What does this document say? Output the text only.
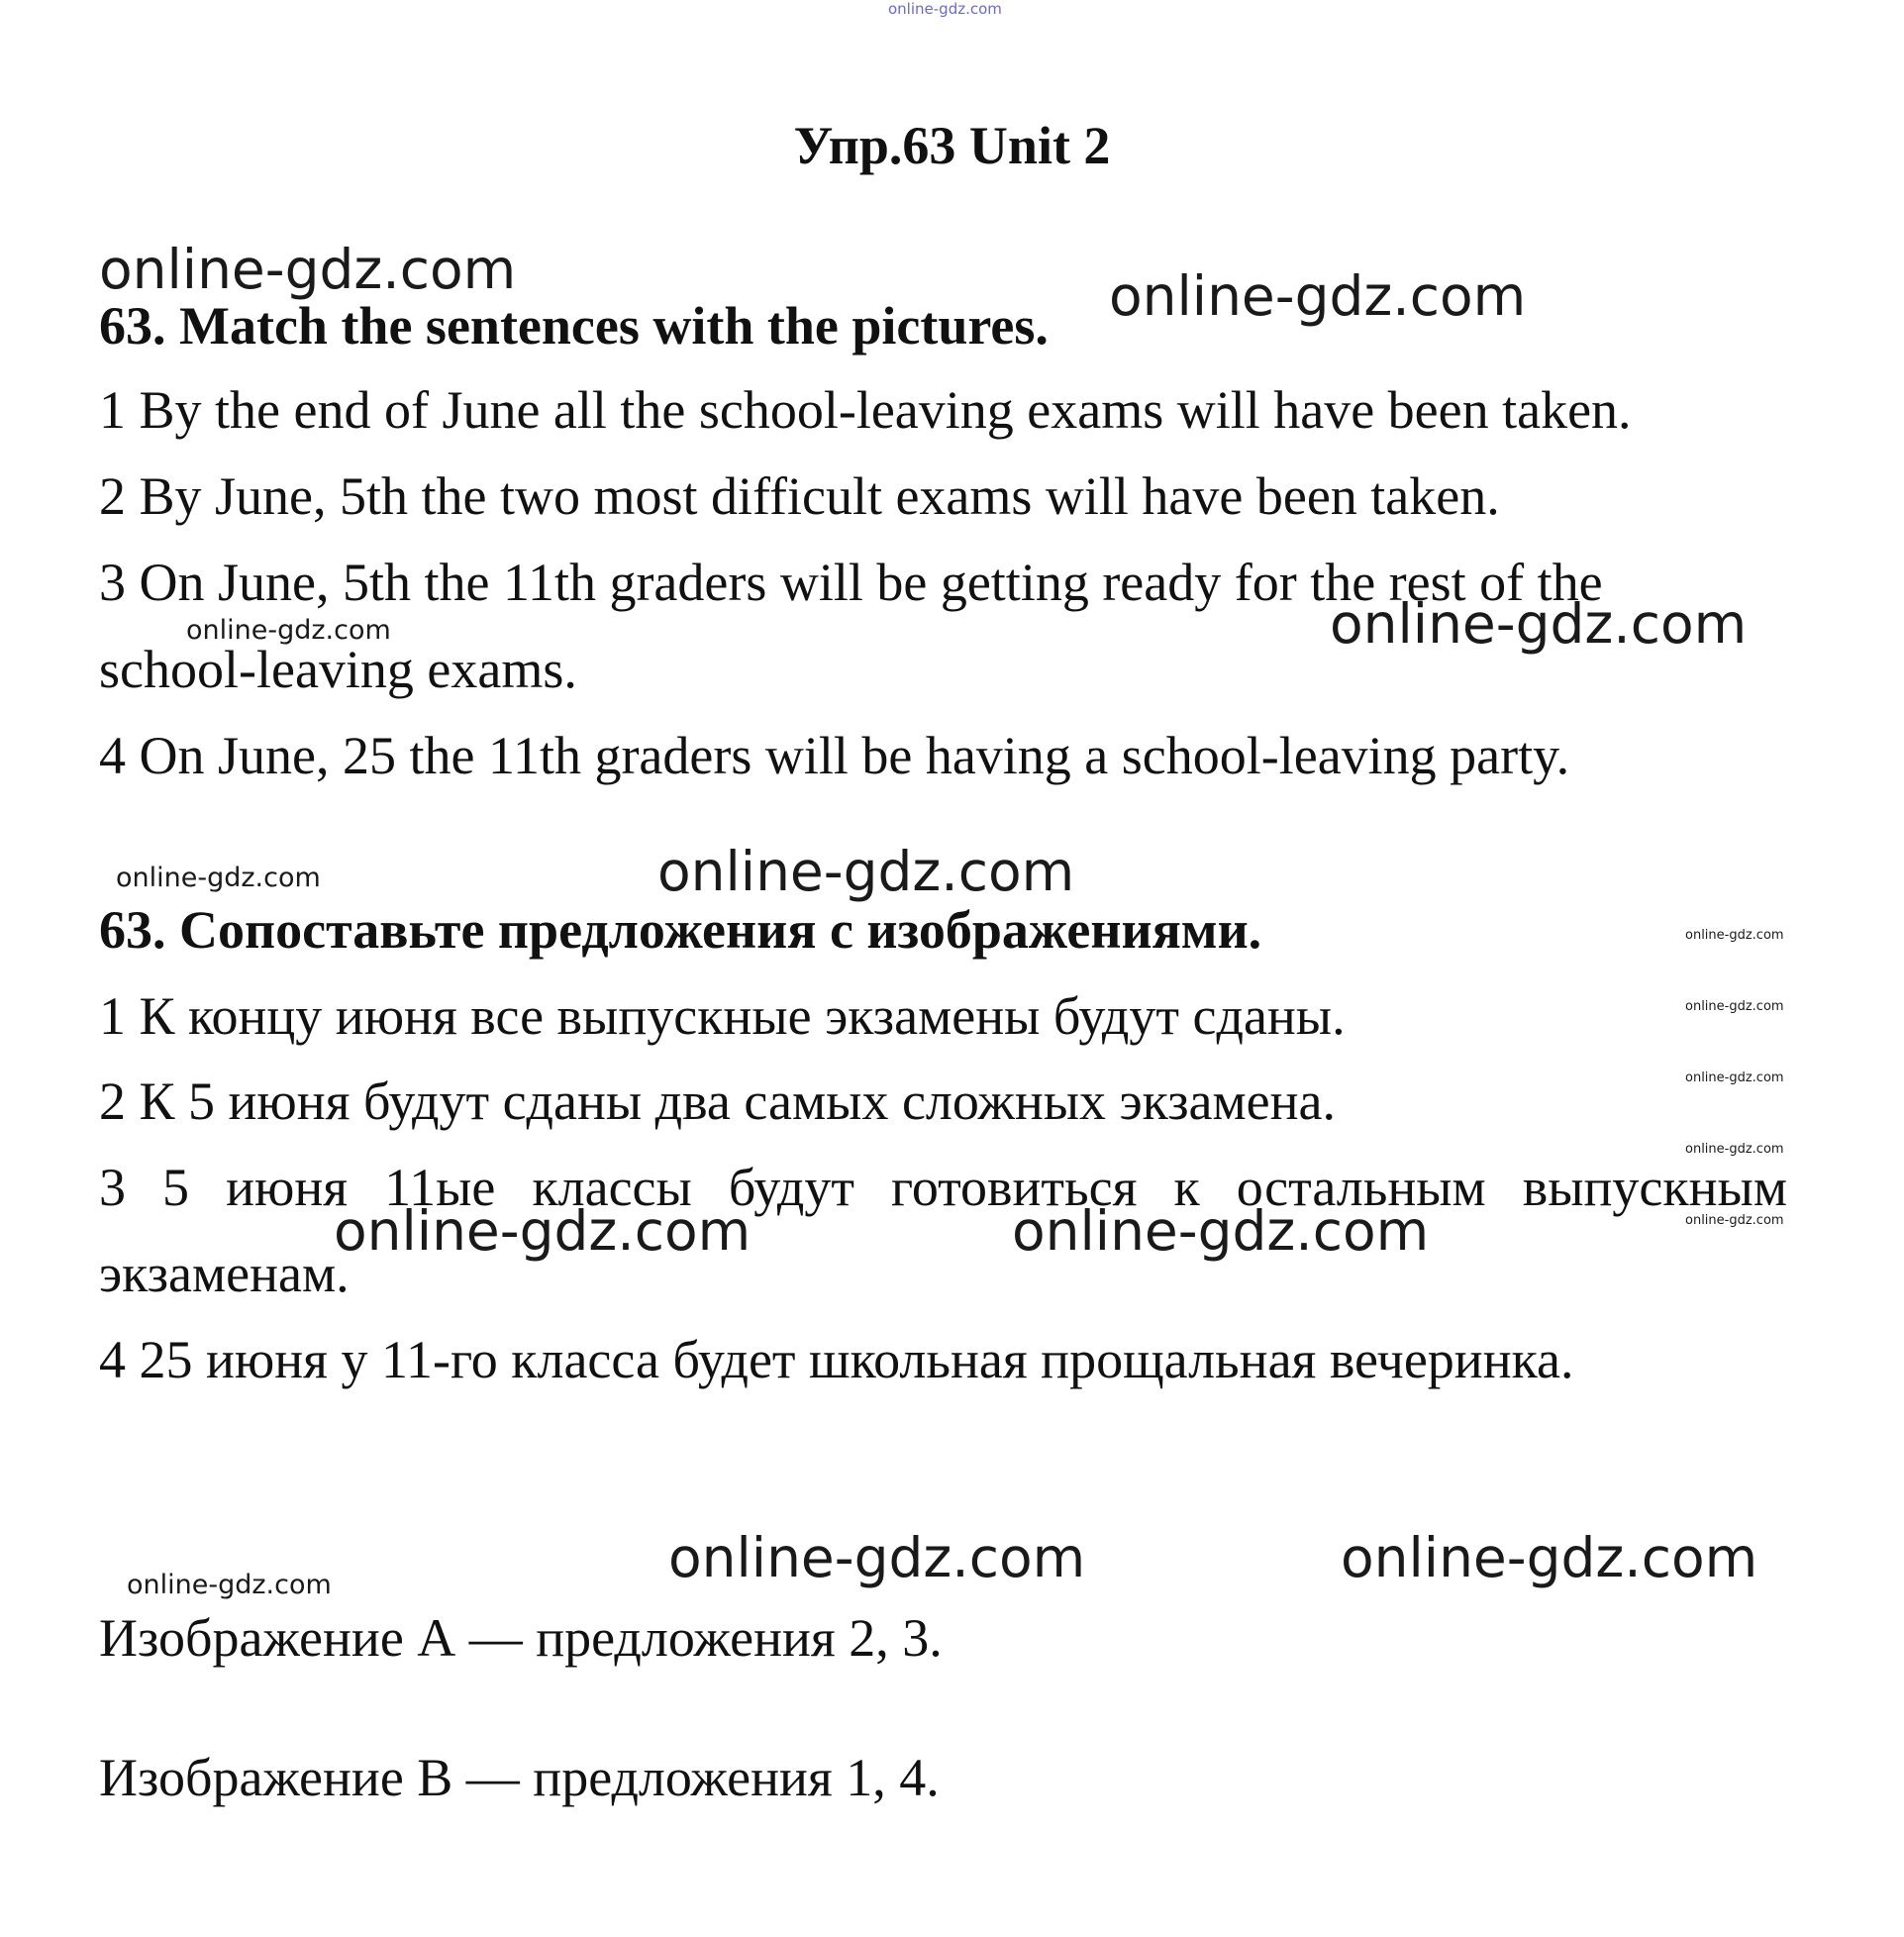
online-gdz.com
Упр.63 Unit 2
online-gdz.com	online-gdz.com
63. Match the sentences with the pictures.
1 By the end of June all the school-leaving exams will have been taken.
2 By June, 5th the two most difficult exams will have been taken.
3 On June, 5th the 11th graders will be getting ready for the rest of the
online-gdz.com	online-gdz.com
school-leaving exams.
4 On June, 25 the 11th graders will be having a school-leaving party.
online-gdz.com	online-gdz.com
63. Сопоставьте предложения с изображениями.	online-gdz.com
online-gdz.com
online-gdz.com
online-gdz.com
online-gdz.com
1 К концу июня все выпускные экзамены будут сданы.
2 К 5 июня будут сданы два самых сложных экзамена.
3 5 июня 11ые классы будут готовиться к остальным выпускным
online-gdz.com	online-gdz.com
экзаменам.
4 25 июня у 11-го класса будет школьная прощальная вечеринка.
online-gdz.com	online-gdz.com
online-gdz.com
Изображение А — предложения 2, 3.
Изображение В — предложения 1, 4.
